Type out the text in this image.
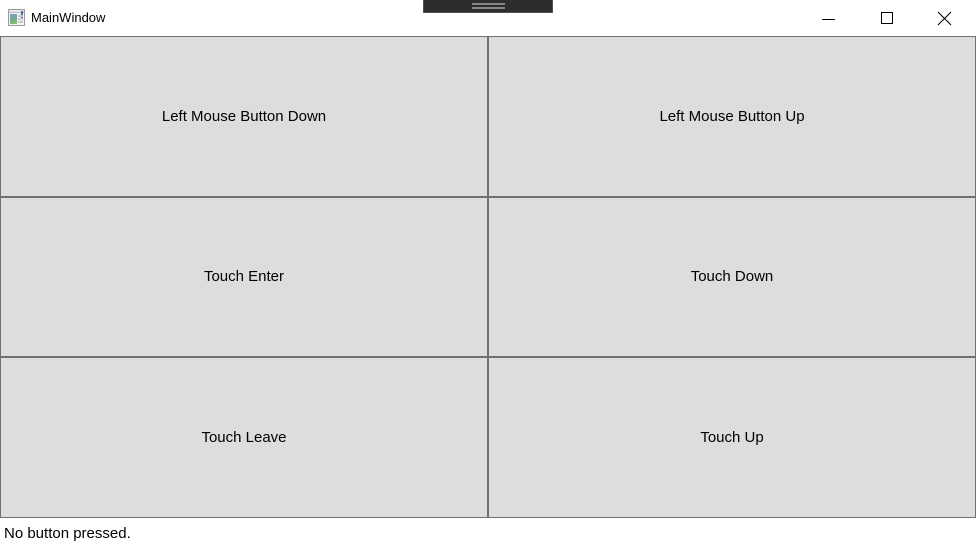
MainWindow
Left Mouse Button Down	Left Mouse Button Up
Touch Enter	Touch Down
Touch Leave	Touch Up
No button pressed.
